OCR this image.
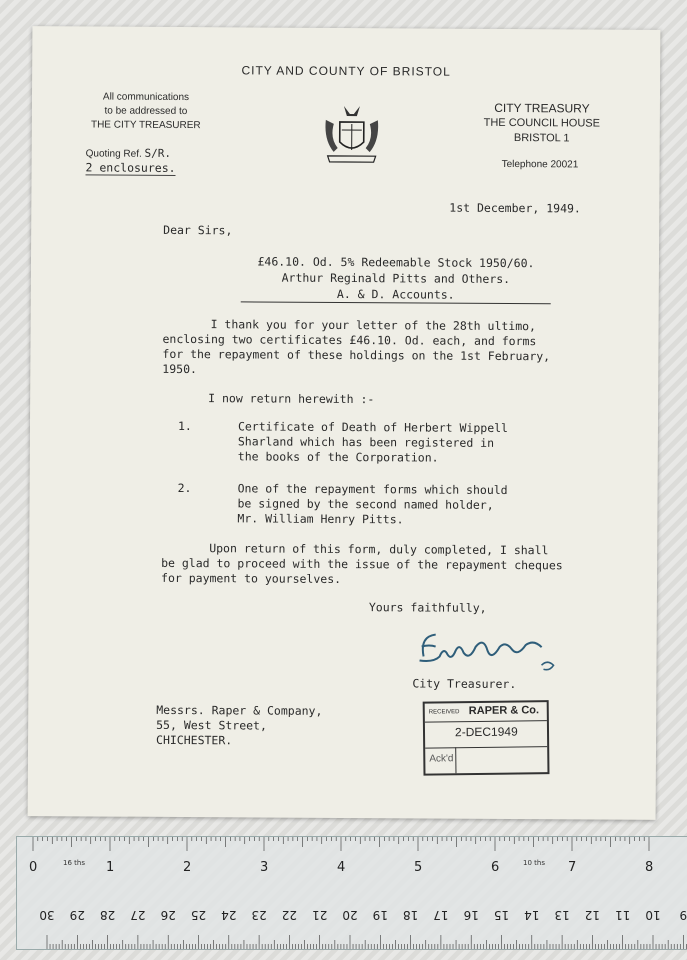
CITY AND COUNTY OF BRISTOL
All communications
to be addressed to
THE CITY TREASURER
Quoting Ref. S/R.
2 enclosures.
CITY TREASURY
THE COUNCIL HOUSE
BRISTOL 1
Telephone 20021
1st December, 1949.
Dear Sirs,
£46.10. Od. 5% Redeemable Stock 1950/60.
Arthur Reginald Pitts and Others.
A. & D. Accounts.
I thank you for your letter of the 28th ultimo,
enclosing two certificates £46.10. Od. each, and forms
for the repayment of these holdings on the 1st February,
1950.
I now return herewith :-
1.	Certificate of Death of Herbert Wippell
Sharland which has been registered in
the books of the Corporation.
2.	One of the repayment forms which should
be signed by the second named holder,
Mr. William Henry Pitts.
Upon return of this form, duly completed, I shall
be glad to proceed with the issue of the repayment cheques
for payment to yourselves.
Yours faithfully,
City Treasurer.
Messrs. Raper & Company,
55, West Street,
CHICHESTER.
RECEIVED RAPER & Co.
2-DEC1949
Ack'd
0	1	2	3	4	5	6	7	8
30 29 28 27 26 25 24 23 22 21 20 19 18 17 16 15 14 13 12 11 10 9
16 ths	10 ths
